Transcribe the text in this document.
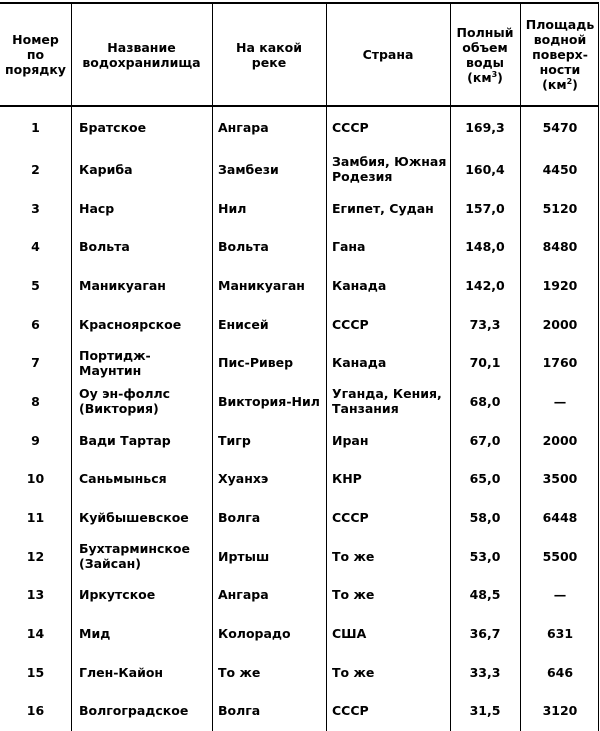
Номер
по
порядку	Название
водохранилища	На какой
реке	Страна	Полный
объем
воды
$(км^3)$	Площадь
водной
поверх-
ности
$(км^2)$
1	Братское	Ангара	СССР	169,3	5470
2	Кариба	Замбези	Замбия, Южная
Родезия	160,4	4450
3	Наср	Нил	Египет, Судан	157,0	5120
4	Вольта	Вольта	Гана	148,0	8480
5	Маникуаган	Маникуаган	Канада	142,0	1920
6	Красноярское	Енисей	СССР	73,3	2000
7	Портидж-Маунтин	Пис-Ривер	Канада	70,1	1760
8	Оу эн-фоллс
(Виктория)	Виктория-Нил	Уганда, Кения,
Танзания	68,0	—
9	Вади Тартар	Тигр	Иран	67,0	2000
10	Саньмынься	Хуанхэ	КНР	65,0	3500
11	Куйбышевское	Волга	СССР	58,0	6448
12	Бухтарминское
(Зайсан)	Иртыш	То же	53,0	5500
13	Иркутское	Ангара	То же	48,5	—
14	Мид	Колорадо	США	36,7	631
15	Глен-Кайон	То же	То же	33,3	646
16	Волгоградское	Волга	СССР	31,5	3120
